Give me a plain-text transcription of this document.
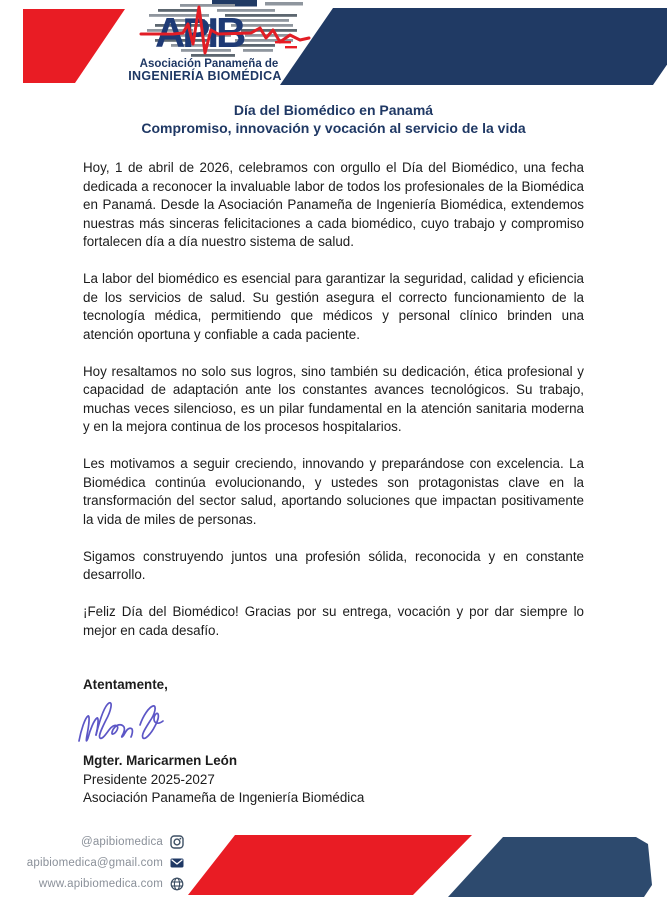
APIB
Asociación Panameña de
INGENIERÍA BIOMÉDICA
Día del Biomédico en Panamá
Compromiso, innovación y vocación al servicio de la vida

Hoy, 1 de abril de 2026, celebramos con orgullo el Día del Biomédico, una fecha dedicada a reconocer la invaluable labor de todos los profesionales de la Biomédica en Panamá. Desde la Asociación Panameña de Ingeniería Biomédica, extendemos nuestras más sinceras felicitaciones a cada biomédico, cuyo trabajo y compromiso fortalecen día a día nuestro sistema de salud.

La labor del biomédico es esencial para garantizar la seguridad, calidad y eficiencia de los servicios de salud. Su gestión asegura el correcto funcionamiento de la tecnología médica, permitiendo que médicos y personal clínico brinden una atención oportuna y confiable a cada paciente.

Hoy resaltamos no solo sus logros, sino también su dedicación, ética profesional y capacidad de adaptación ante los constantes avances tecnológicos. Su trabajo, muchas veces silencioso, es un pilar fundamental en la atención sanitaria moderna y en la mejora continua de los procesos hospitalarios.

Les motivamos a seguir creciendo, innovando y preparándose con excelencia. La Biomédica continúa evolucionando, y ustedes son protagonistas clave en la transformación del sector salud, aportando soluciones que impactan positivamente la vida de miles de personas.

Sigamos construyendo juntos una profesión sólida, reconocida y en constante desarrollo.

¡Feliz Día del Biomédico! Gracias por su entrega, vocación y por dar siempre lo mejor en cada desafío.

Atentamente,
Mgter. Maricarmen León
Presidente 2025-2027
Asociación Panameña de Ingeniería Biomédica
@apibiomedica
apibiomedica@gmail.com
www.apibiomedica.com
